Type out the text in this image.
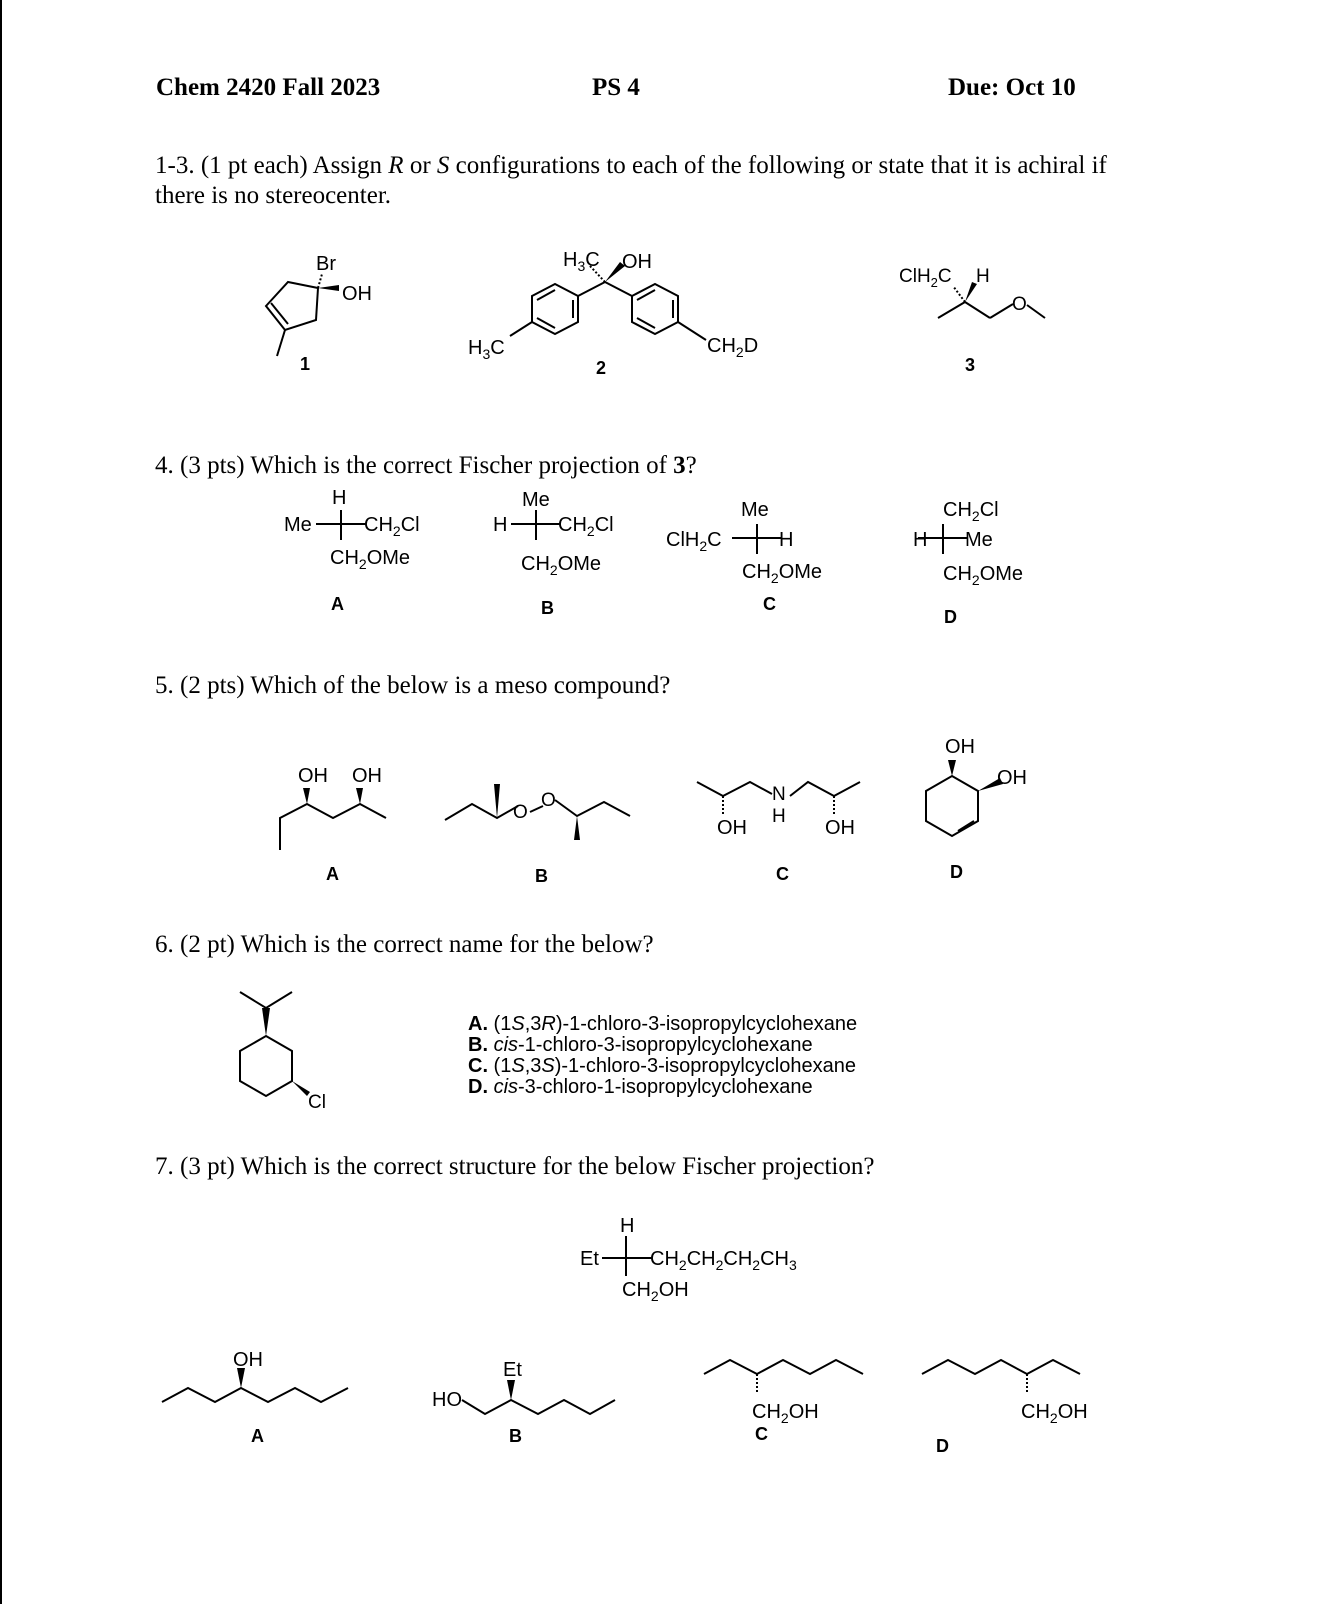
Chem 2420 Fall 2023	PS 4	Due: Oct 10
1-3. (1 pt each) Assign R or S configurations to each of the following or state that it is achiral if
there is no stereocenter.
Br
OH
1
$H_3C$ OH
$H_3C$	$CH_2D$
2
ClH$_2$C H
O
3
4. (3 pts) Which is the correct Fischer projection of 3?
H
Me	$CH_2Cl$
$CH_2OMe$
A
Me
H	$CH_2Cl$
$CH_2OMe$
B
Me
ClH$_2$C	H
$CH_2OMe$
C
$CH_2Cl$
H Me
$CH_2OMe$
D
5. (2 pts) Which of the below is a meso compound?
OH OH
O
O	N
H
OH	OH
OH
OH
A	B	C	D
6. (2 pt) Which is the correct name for the below?
Cl
A. (1S,3R)-1-chloro-3-isopropylcyclohexane
B. cis-1-chloro-3-isopropylcyclohexane
C. (1S,3S)-1-chloro-3-isopropylcyclohexane
D. cis-3-chloro-1-isopropylcyclohexane
7. (3 pt) Which is the correct structure for the below Fischer projection?
H
Et	$CH_2CH_2CH_2CH_3$
$CH_2OH$
OH	Et
HO
$CH_2OH$	$CH_2OH$
A	B	C
D
